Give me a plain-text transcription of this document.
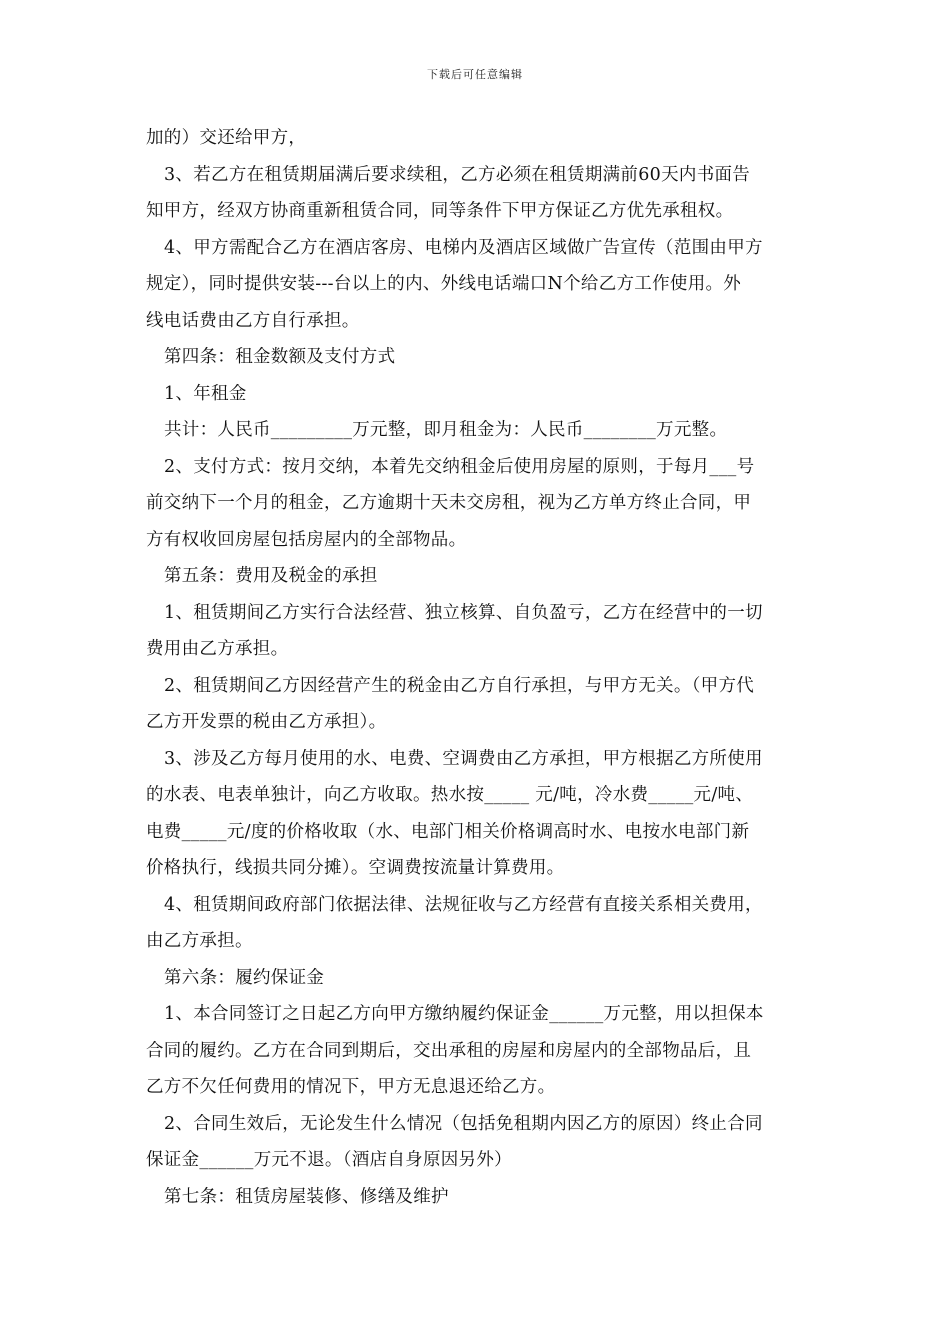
下载后可任意编辑
加的）交还给甲方，
3、若乙方在租赁期届满后要求续租，乙方必须在租赁期满前60天内书面告
知甲方，经双方协商重新租赁合同，同等条件下甲方保证乙方优先承租权。
4、甲方需配合乙方在酒店客房、电梯内及酒店区域做广告宣传（范围由甲方
规定），同时提供安装---台以上的内、外线电话端口N个给乙方工作使用。外
线电话费由乙方自行承担。
第四条：租金数额及支付方式
1、年租金
共计：人民币_________万元整，即月租金为：人民币________万元整。
2、支付方式：按月交纳，本着先交纳租金后使用房屋的原则，于每月___号
前交纳下一个月的租金，乙方逾期十天未交房租，视为乙方单方终止合同，甲
方有权收回房屋包括房屋内的全部物品。
第五条：费用及税金的承担
1、租赁期间乙方实行合法经营、独立核算、自负盈亏，乙方在经营中的一切
费用由乙方承担。
2、租赁期间乙方因经营产生的税金由乙方自行承担，与甲方无关。（甲方代
乙方开发票的税由乙方承担）。
3、涉及乙方每月使用的水、电费、空调费由乙方承担，甲方根据乙方所使用
的水表、电表单独计，向乙方收取。热水按_____ 元/吨，冷水费_____元/吨、
电费_____元/度的价格收取（水、电部门相关价格调高时水、电按水电部门新
价格执行，线损共同分摊）。空调费按流量计算费用。
4、租赁期间政府部门依据法律、法规征收与乙方经营有直接关系相关费用，
由乙方承担。
第六条：履约保证金
1、本合同签订之日起乙方向甲方缴纳履约保证金______万元整，用以担保本
合同的履约。乙方在合同到期后，交出承租的房屋和房屋内的全部物品后，且
乙方不欠任何费用的情况下，甲方无息退还给乙方。
2、合同生效后，无论发生什么情况（包括免租期内因乙方的原因）终止合同
保证金______万元不退。（酒店自身原因另外）
第七条：租赁房屋装修、修缮及维护
